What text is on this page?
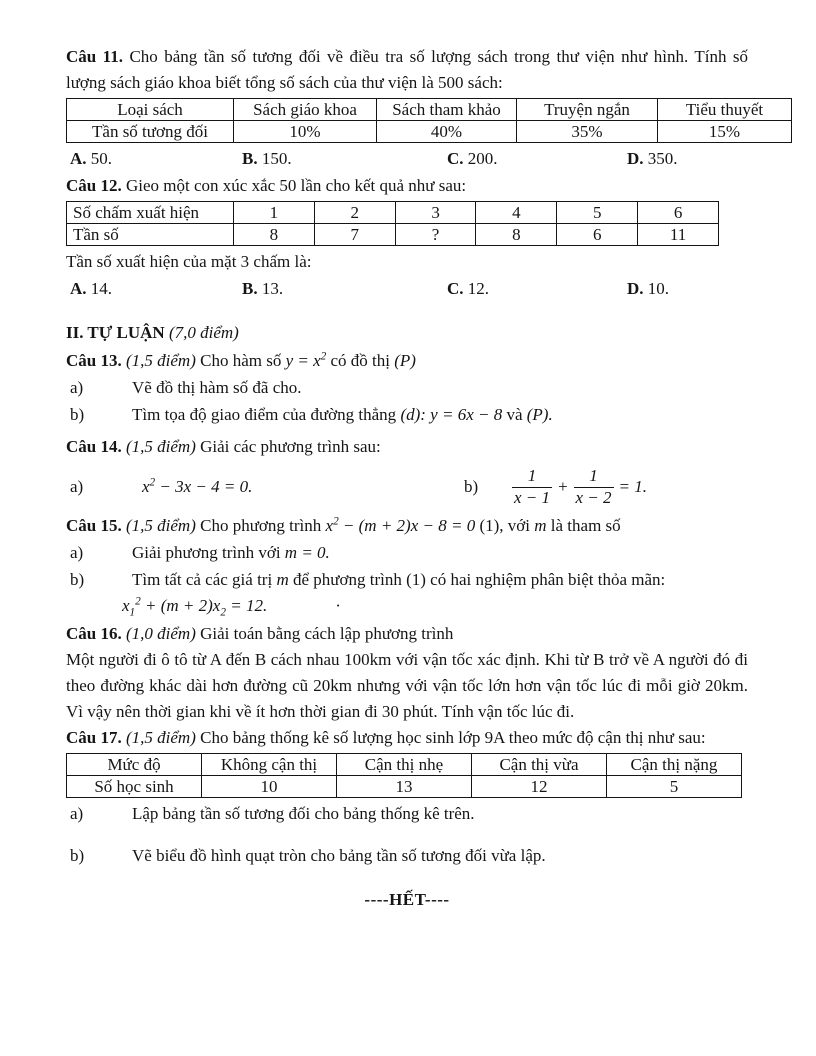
Câu 11. Cho bảng tần số tương đối về điều tra số lượng sách trong thư viện như hình. Tính số lượng sách giáo khoa biết tổng số sách của thư viện là 500 sách:

Loại sách	Sách giáo khoa	Sách tham khảo	Truyện ngắn	Tiểu thuyết
Tần số tương đối	10%	40%	35%	15%
A. 50.	B. 150.	C. 200.	D. 350.

Câu 12. Gieo một con xúc xắc 50 lần cho kết quả như sau:

Số chấm xuất hiện	1	2	3	4	5	6
Tần số	8	7	?	8	6	11

Tần số xuất hiện của mặt 3 chấm là:

A. 14.	B. 13.	C. 12.	D. 10.

II. TỰ LUẬN (7,0 điểm)

Câu 13. (1,5 điểm) Cho hàm số $y = x^2$ có đồ thị (P)

a)	Vẽ đồ thị hàm số đã cho.
b)	Tìm tọa độ giao điểm của đường thẳng (d): y = 6x − 8 và (P).

Câu 14. (1,5 điểm) Giải các phương trình sau:

a)	$x^2 - 3x - 4 = 0$.	b)	$\frac{1}{x - 1} + \frac{1}{x - 2} = 1$.

Câu 15. (1,5 điểm) Cho phương trình $x^2 - (m + 2)x - 8 = 0$ (1), với m là tham số

a)	Giải phương trình với m = 0.
b)	Tìm tất cả các giá trị m để phương trình (1) có hai nghiệm phân biệt thỏa mãn:
$x_1^2 + (m + 2)x_2 = 12$.	·

Câu 16. (1,0 điểm) Giải toán bằng cách lập phương trình

Một người đi ô tô từ A đến B cách nhau 100km với vận tốc xác định. Khi từ B trở về A người đó đi theo đường khác dài hơn đường cũ 20km nhưng với vận tốc lớn hơn vận tốc lúc đi mỗi giờ 20km. Vì vậy nên thời gian khi về ít hơn thời gian đi 30 phút. Tính vận tốc lúc đi.

Câu 17. (1,5 điểm) Cho bảng thống kê số lượng học sinh lớp 9A theo mức độ cận thị như sau:

Mức độ	Không cận thị	Cận thị nhẹ	Cận thị vừa	Cận thị nặng
Số học sinh	10	13	12	5
a)	Lập bảng tần số tương đối cho bảng thống kê trên.
b)	Vẽ biểu đồ hình quạt tròn cho bảng tần số tương đối vừa lập.

----HẾT----
